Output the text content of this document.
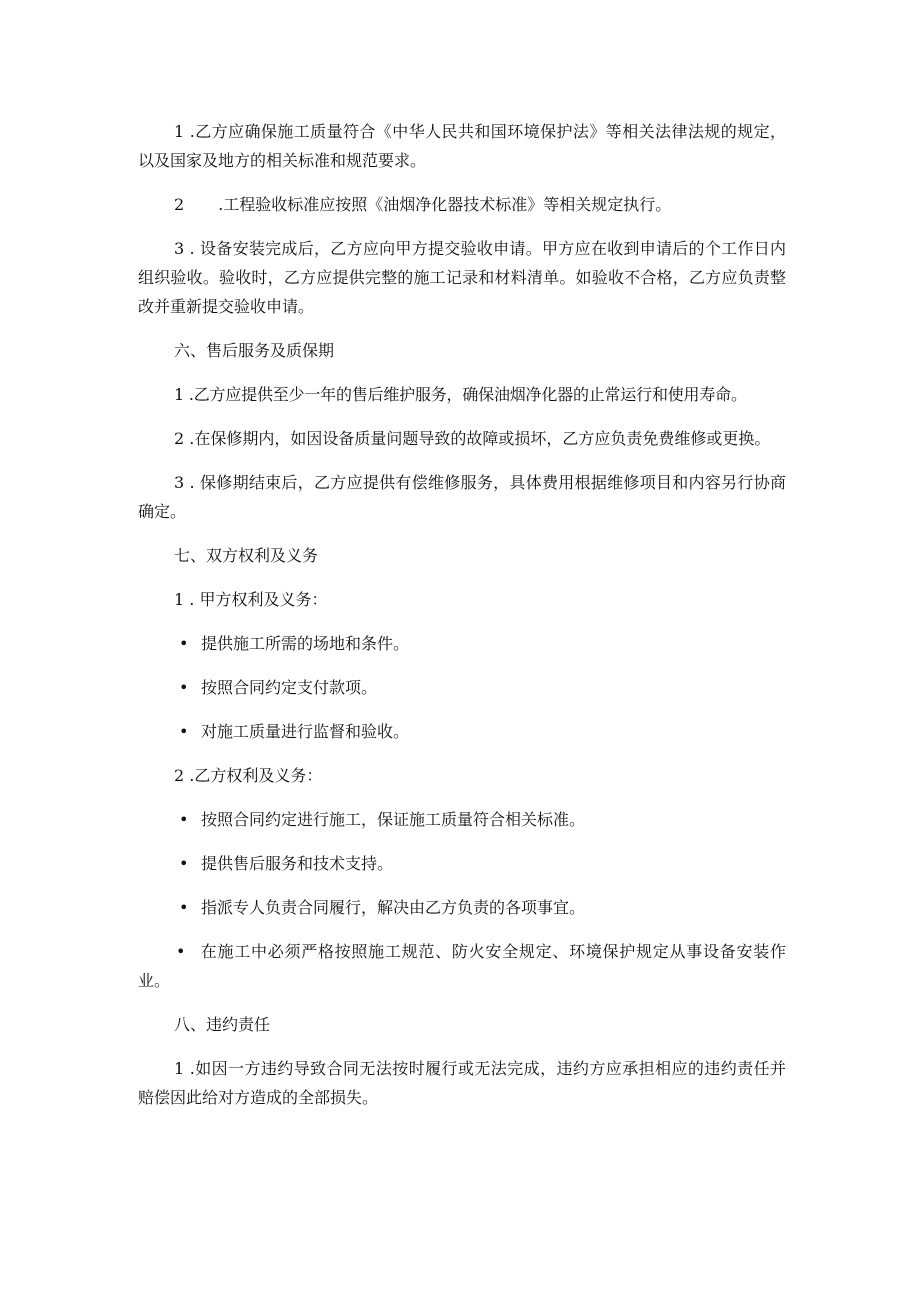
1 .乙方应确保施工质量符合《中华人民共和国环境保护法》等相关法律法规的规定，以及国家及地方的相关标准和规范要求。

2 .工程验收标准应按照《油烟净化器技术标准》等相关规定执行。

3 . 设备安装完成后，乙方应向甲方提交验收申请。甲方应在收到申请后的个工作日内组织验收。验收时，乙方应提供完整的施工记录和材料清单。如验收不合格，乙方应负责整改并重新提交验收申请。

六、售后服务及质保期

1 .乙方应提供至少一年的售后维护服务，确保油烟净化器的止常运行和使用寿命。

2 .在保修期内，如因设备质量问题导致的故障或损坏，乙方应负责免费维修或更换。

3 . 保修期结束后，乙方应提供有偿维修服务，具体费用根据维修项目和内容另行协商确定。

七、双方权利及义务

1 . 甲方权利及义务：

• 提供施工所需的场地和条件。

• 按照合同约定支付款项。

• 对施工质量进行监督和验收。

2 .乙方权利及义务：

• 按照合同约定进行施工，保证施工质量符合相关标准。

• 提供售后服务和技术支持。

• 指派专人负责合同履行，解决由乙方负责的各项事宜。

• 在施工中必须严格按照施工规范、防火安全规定、环境保护规定从事设备安装作业。

八、违约责任

1 .如因一方违约导致合同无法按时履行或无法完成，违约方应承担相应的违约责任并赔偿因此给对方造成的全部损失。
